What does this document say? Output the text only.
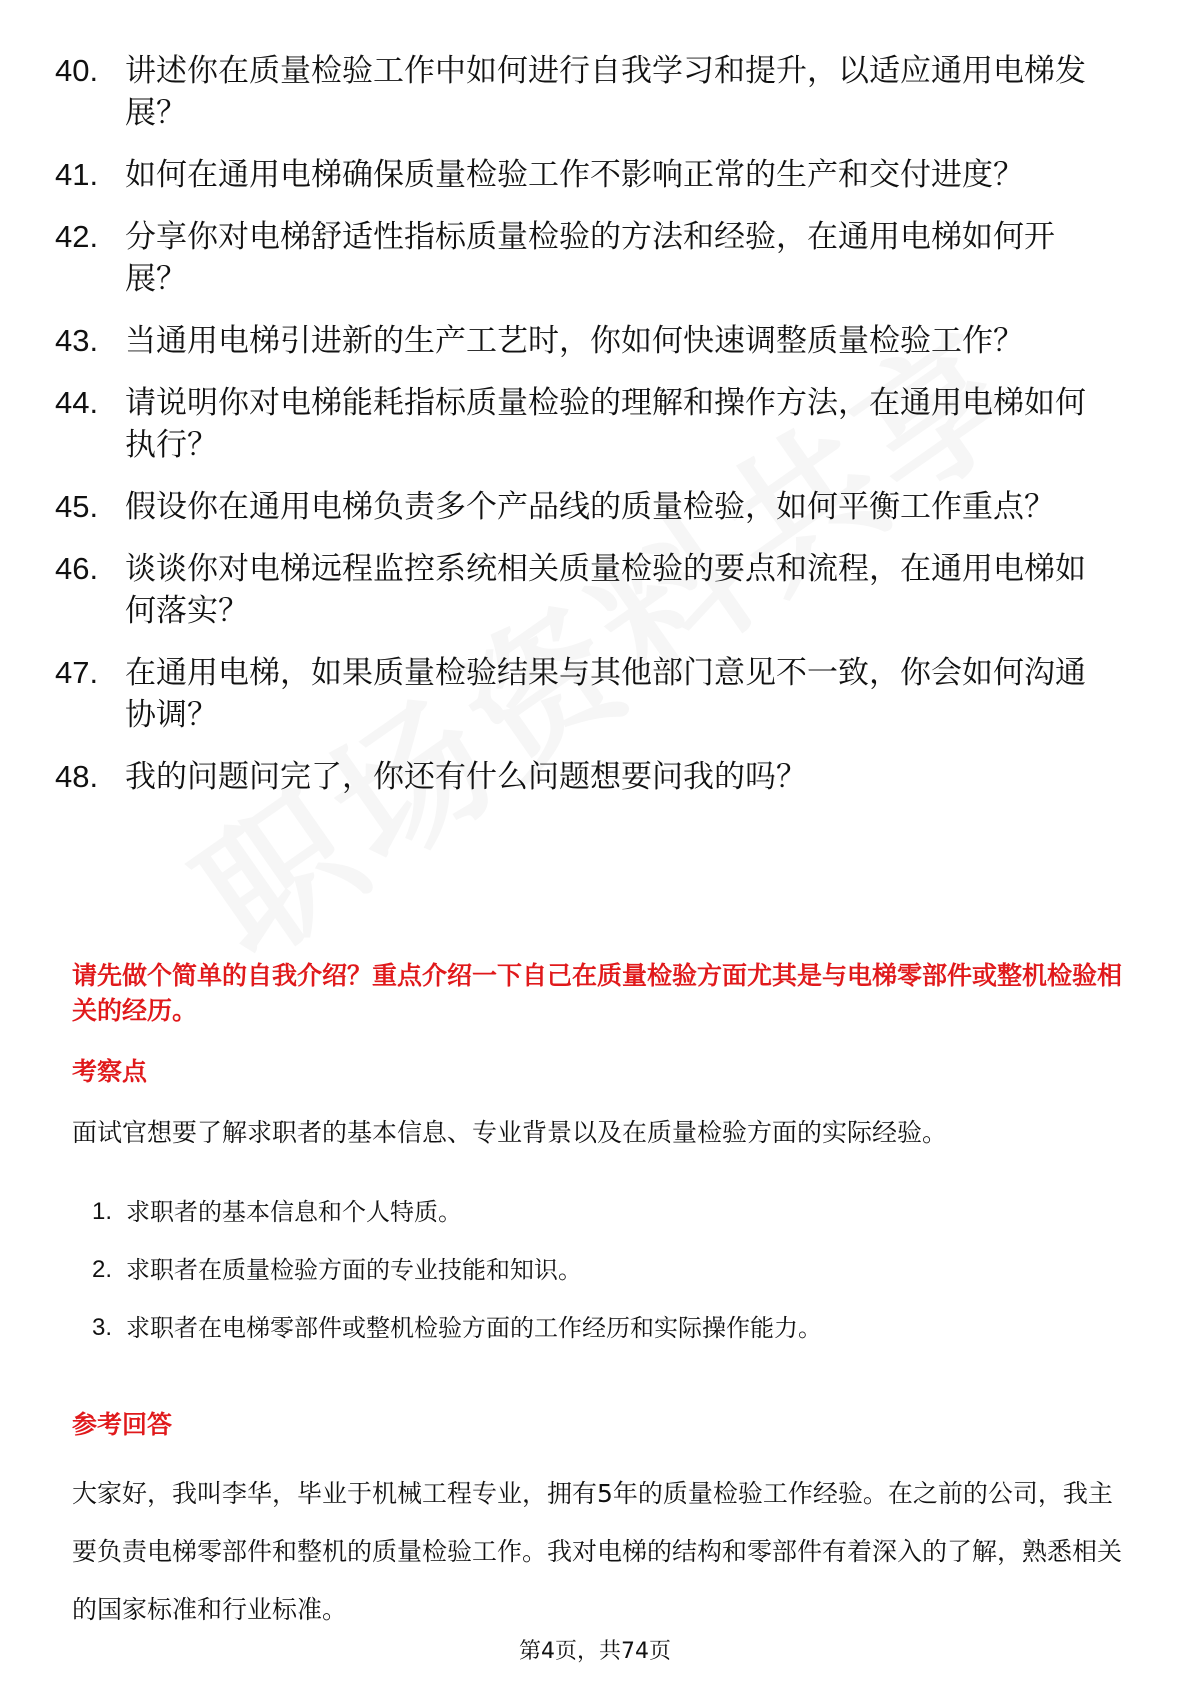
40. 讲述你在质量检验工作中如何进行自我学习和提升，以适应通用电梯发展？
41. 如何在通用电梯确保质量检验工作不影响正常的生产和交付进度？
42. 分享你对电梯舒适性指标质量检验的方法和经验，在通用电梯如何开展？
43. 当通用电梯引进新的生产工艺时，你如何快速调整质量检验工作？
44. 请说明你对电梯能耗指标质量检验的理解和操作方法，在通用电梯如何执行？
45. 假设你在通用电梯负责多个产品线的质量检验，如何平衡工作重点？
46. 谈谈你对电梯远程监控系统相关质量检验的要点和流程，在通用电梯如何落实？
47. 在通用电梯，如果质量检验结果与其他部门意见不一致，你会如何沟通协调？
48. 我的问题问完了，你还有什么问题想要问我的吗？
请先做个简单的自我介绍？重点介绍一下自己在质量检验方面尤其是与电梯零部件或整机检验相关的经历。
考察点
面试官想要了解求职者的基本信息、专业背景以及在质量检验方面的实际经验。
1. 求职者的基本信息和个人特质。
2. 求职者在质量检验方面的专业技能和知识。
3. 求职者在电梯零部件或整机检验方面的工作经历和实际操作能力。
参考回答
大家好，我叫李华，毕业于机械工程专业，拥有5年的质量检验工作经验。在之前的公司，我主要负责电梯零部件和整机的质量检验工作。我对电梯的结构和零部件有着深入的了解，熟悉相关的国家标准和行业标准。
第4页，共74页
